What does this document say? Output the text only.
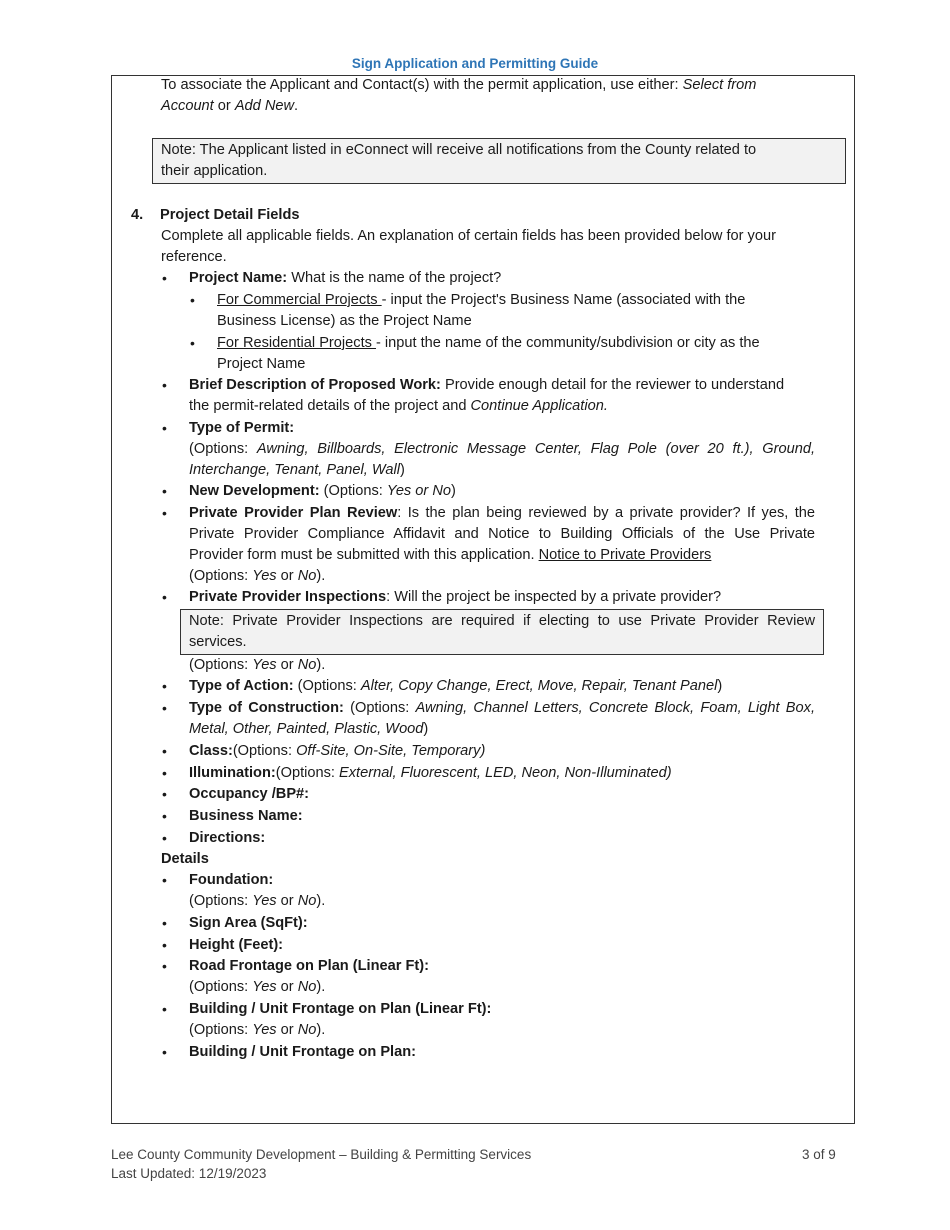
Sign Application and Permitting Guide
To associate the Applicant and Contact(s) with the permit application, use either: Select from
Account or Add New.
Note: The Applicant listed in eConnect will receive all notifications from the County related to
their application.
4. Project Detail Fields
Complete all applicable fields. An explanation of certain fields has been provided below for your
reference.
• Project Name: What is the name of the project?
• For Commercial Projects - input the Project's Business Name (associated with the
Business License) as the Project Name
• For Residential Projects - input the name of the community/subdivision or city as the
Project Name
• Brief Description of Proposed Work: Provide enough detail for the reviewer to understand
the permit-related details of the project and Continue Application.
• Type of Permit:
(Options: Awning, Billboards, Electronic Message Center, Flag Pole (over 20 ft.), Ground,
Interchange, Tenant, Panel, Wall)
• New Development: (Options: Yes or No)
• Private Provider Plan Review: Is the plan being reviewed by a private provider? If yes, the
Private Provider Compliance Affidavit and Notice to Building Officials of the Use Private
Provider form must be submitted with this application. Notice to Private Providers
(Options: Yes or No).
• Private Provider Inspections: Will the project be inspected by a private provider?
Note: Private Provider Inspections are required if electing to use Private Provider Review
services.
(Options: Yes or No).
• Type of Action: (Options: Alter, Copy Change, Erect, Move, Repair, Tenant Panel)
• Type of Construction: (Options: Awning, Channel Letters, Concrete Block, Foam, Light Box,
Metal, Other, Painted, Plastic, Wood)
• Class:(Options: Off-Site, On-Site, Temporary)
• Illumination:(Options: External, Fluorescent, LED, Neon, Non-Illuminated)
• Occupancy /BP#:
• Business Name:
• Directions:
Details
• Foundation:
(Options: Yes or No).
• Sign Area (SqFt):
• Height (Feet):
• Road Frontage on Plan (Linear Ft):
(Options: Yes or No).
• Building / Unit Frontage on Plan (Linear Ft):
(Options: Yes or No).
• Building / Unit Frontage on Plan:
Lee County Community Development – Building & Permitting Services
Last Updated: 12/19/2023
3 of 9
